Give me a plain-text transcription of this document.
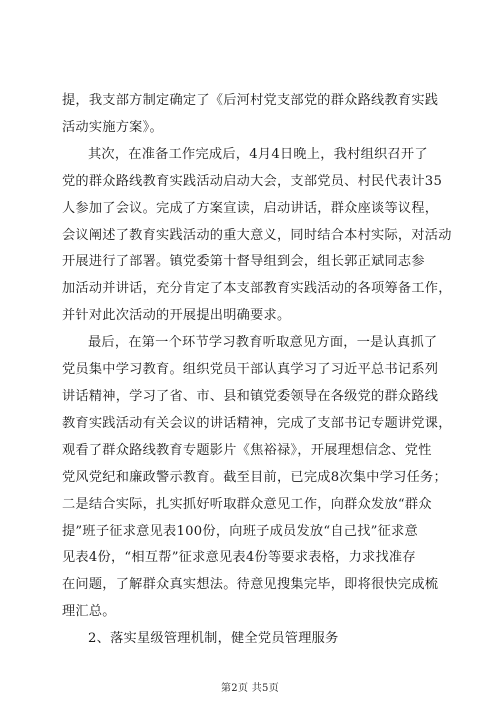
提，我支部方制定确定了《后河村党支部党的群众路线教育实践
活动实施方案》。

其次，在准备工作完成后，4月4日晚上，我村组织召开了
党的群众路线教育实践活动启动大会，支部党员、村民代表计35
人参加了会议。完成了方案宣读，启动讲话，群众座谈等议程，
会议阐述了教育实践活动的重大意义，同时结合本村实际，对活动
开展进行了部署。镇党委第十督导组到会，组长郭正斌同志参
加活动并讲话，充分肯定了本支部教育实践活动的各项筹备工作，
并针对此次活动的开展提出明确要求。

最后，在第一个环节学习教育听取意见方面，一是认真抓了
党员集中学习教育。组织党员干部认真学习了习近平总书记系列
讲话精神，学习了省、市、县和镇党委领导在各级党的群众路线
教育实践活动有关会议的讲话精神，完成了支部书记专题讲党课，
观看了群众路线教育专题影片《焦裕禄》，开展理想信念、党性
党风党纪和廉政警示教育。截至目前，已完成8次集中学习任务；
二是结合实际，扎实抓好听取群众意见工作，向群众发放“群众
提”班子征求意见表100份，向班子成员发放“自己找”征求意
见表4份，“相互帮”征求意见表4份等要求表格，力求找准存
在问题，了解群众真实想法。待意见搜集完毕，即将很快完成梳
理汇总。

2、落实星级管理机制，健全党员管理服务

第2页 共5页
